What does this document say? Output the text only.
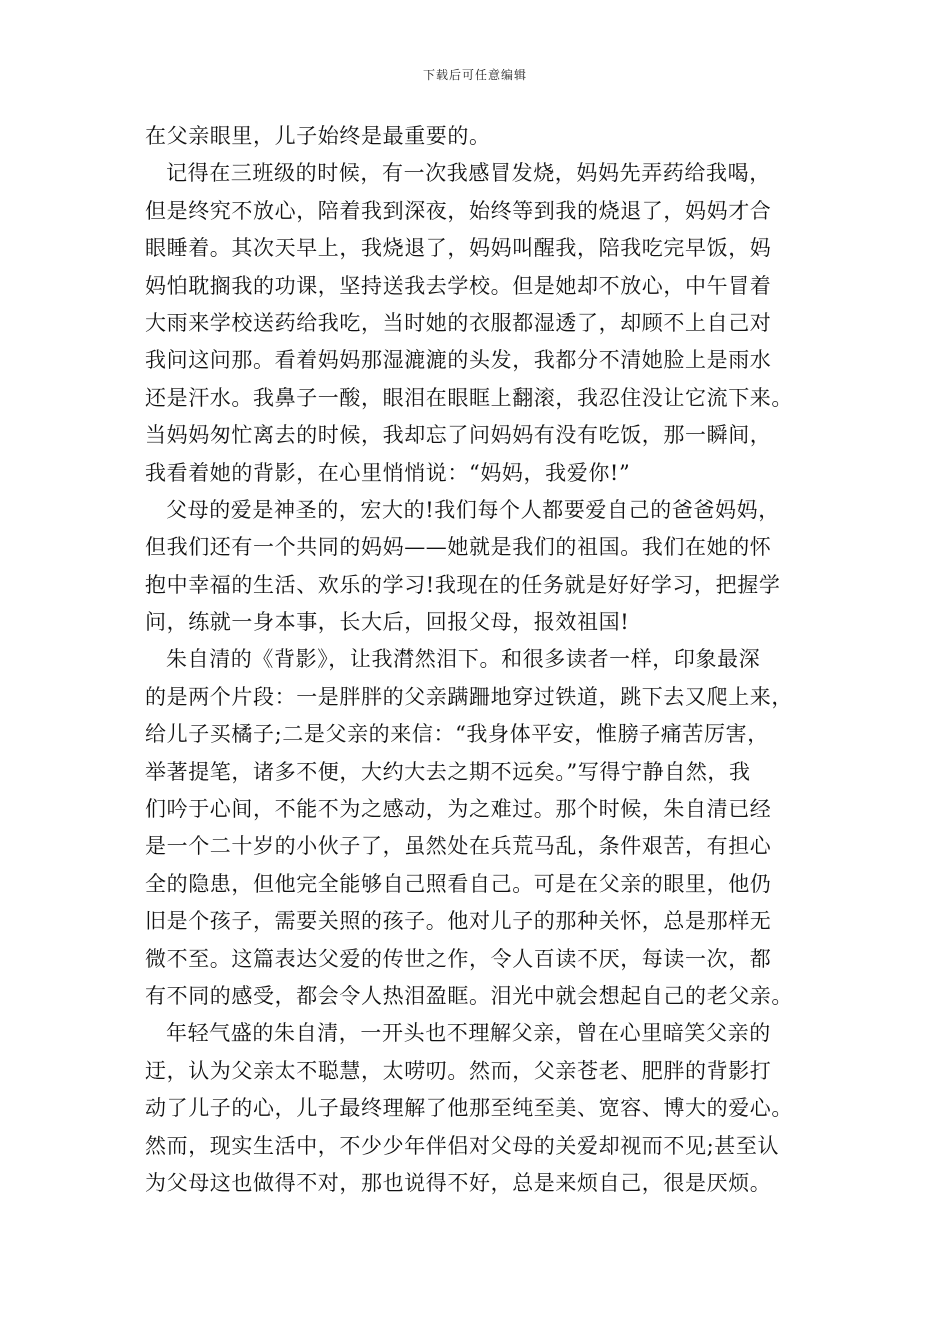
下载后可任意编辑
在父亲眼里，儿子始终是最重要的。
记得在三班级的时候，有一次我感冒发烧，妈妈先弄药给我喝，
但是终究不放心，陪着我到深夜，始终等到我的烧退了，妈妈才合
眼睡着。其次天早上，我烧退了，妈妈叫醒我，陪我吃完早饭，妈
妈怕耽搁我的功课，坚持送我去学校。但是她却不放心，中午冒着
大雨来学校送药给我吃，当时她的衣服都湿透了，却顾不上自己对
我问这问那。看着妈妈那湿漉漉的头发，我都分不清她脸上是雨水
还是汗水。我鼻子一酸，眼泪在眼眶上翻滚，我忍住没让它流下来。
当妈妈匆忙离去的时候，我却忘了问妈妈有没有吃饭，那一瞬间，
我看着她的背影，在心里悄悄说：“妈妈，我爱你!”
父母的爱是神圣的，宏大的!我们每个人都要爱自己的爸爸妈妈，
但我们还有一个共同的妈妈——她就是我们的祖国。我们在她的怀
抱中幸福的生活、欢乐的学习!我现在的任务就是好好学习，把握学
问，练就一身本事，长大后，回报父母，报效祖国!
朱自清的《背影》，让我潸然泪下。和很多读者一样，印象最深
的是两个片段：一是胖胖的父亲蹒跚地穿过铁道，跳下去又爬上来，
给儿子买橘子;二是父亲的来信：“我身体平安，惟膀子痛苦厉害，
举著提笔，诸多不便，大约大去之期不远矣。”写得宁静自然，我
们吟于心间，不能不为之感动，为之难过。那个时候，朱自清已经
是一个二十岁的小伙子了，虽然处在兵荒马乱，条件艰苦，有担心
全的隐患，但他完全能够自己照看自己。可是在父亲的眼里，他仍
旧是个孩子，需要关照的孩子。他对儿子的那种关怀，总是那样无
微不至。这篇表达父爱的传世之作，令人百读不厌，每读一次，都
有不同的感受，都会令人热泪盈眶。泪光中就会想起自己的老父亲。
年轻气盛的朱自清，一开头也不理解父亲，曾在心里暗笑父亲的
迂，认为父亲太不聪慧，太唠叨。然而，父亲苍老、肥胖的背影打
动了儿子的心，儿子最终理解了他那至纯至美、宽容、博大的爱心。
然而，现实生活中，不少少年伴侣对父母的关爱却视而不见;甚至认
为父母这也做得不对，那也说得不好，总是来烦自己，很是厌烦。
